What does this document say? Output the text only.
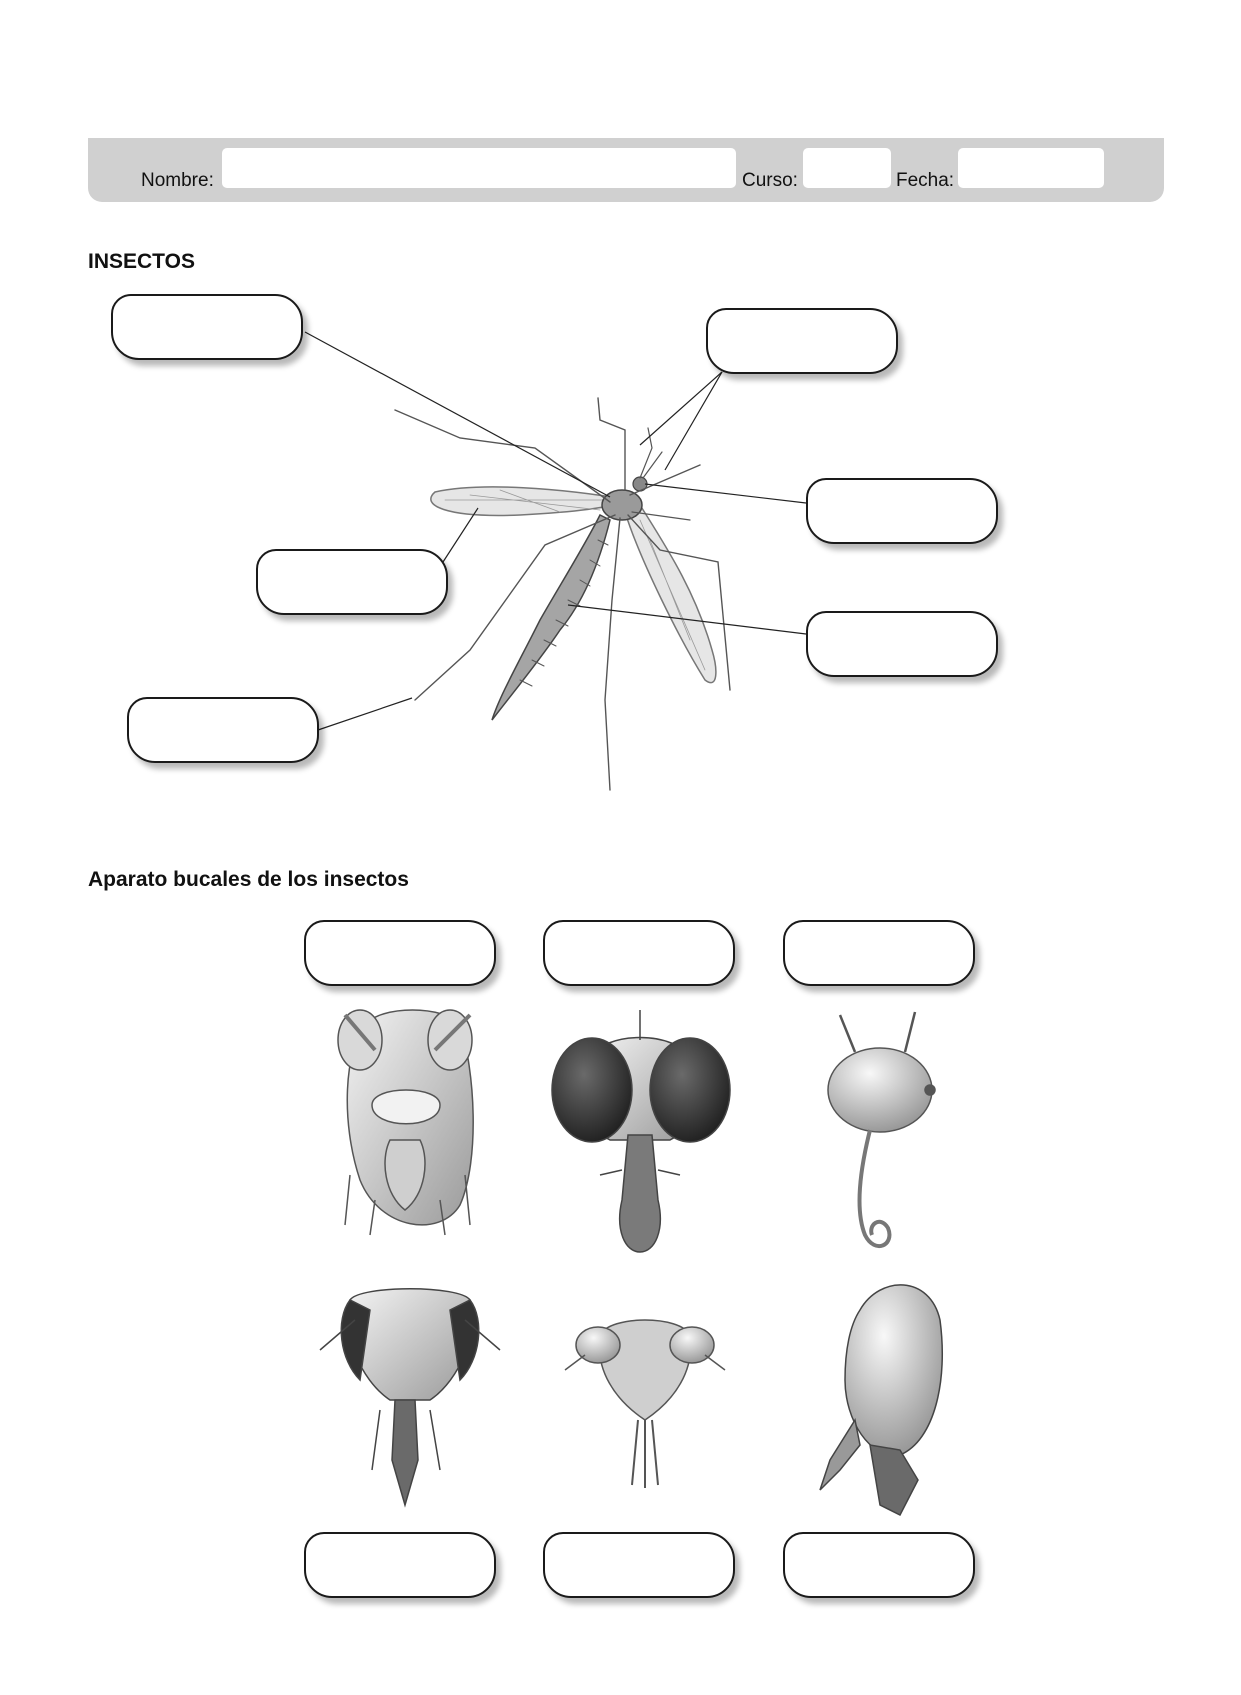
Nombre:	Curso:	Fecha:
INSECTOS
Aparato bucales de los insectos
